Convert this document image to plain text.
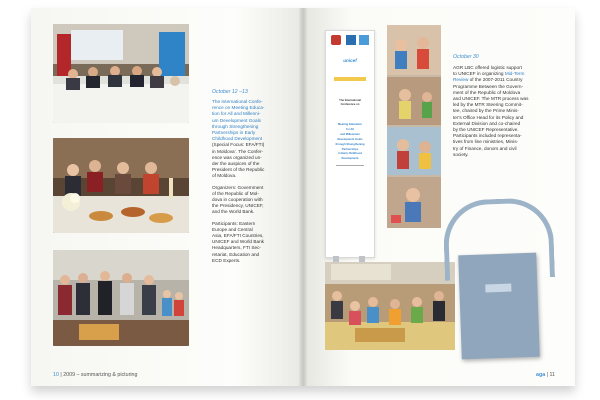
October 12 –13

The International Confe-
rence on Meeting Educa-
tion for All and Millenni-
um Development Goals
through Strengthening
Partnerships in Early
Childhood Development
(Special Focus: EFA/FTI)
in Moldova'. The Confer-
ence was organized un-
der the auspices of the
President of the Republic
of Moldova.

Organizers: Government
of the Republic of Mol-
dova in cooperation with
the Presidency, UNICEF,
and the World Bank.

Participants: Eastern
Europe and Central
Asia, EFA/FTI Countries,
UNICEF and World Bank
Headquarters, FTI Sec-
retariat, Education and
ECD Experts.

10 | 2009 – summarizing & picturing
unicef
The International
Conference on
Meeting Education
for All
and Millennium
Development Goals
through Strengthening
Partnerships
in Early Childhood
Development
October 30
AGR LBC offered logistic support
to UNICEF in organizing Mid-Term
Review of the 2007-2011 Country
Programme Between the Govern-
ment of the Republic of Moldova
and UNICEF. The MTR process was
led by the MTR Steering Commit-
tee, chaired by the Prime Minis-
ter's Office Head for its Policy and
External Division and co-chaired
by the UNICEF Representative.
Participants included representa-
tives from line ministries, Minis-
try of Finance, donors and civil
society.

aga | 11
